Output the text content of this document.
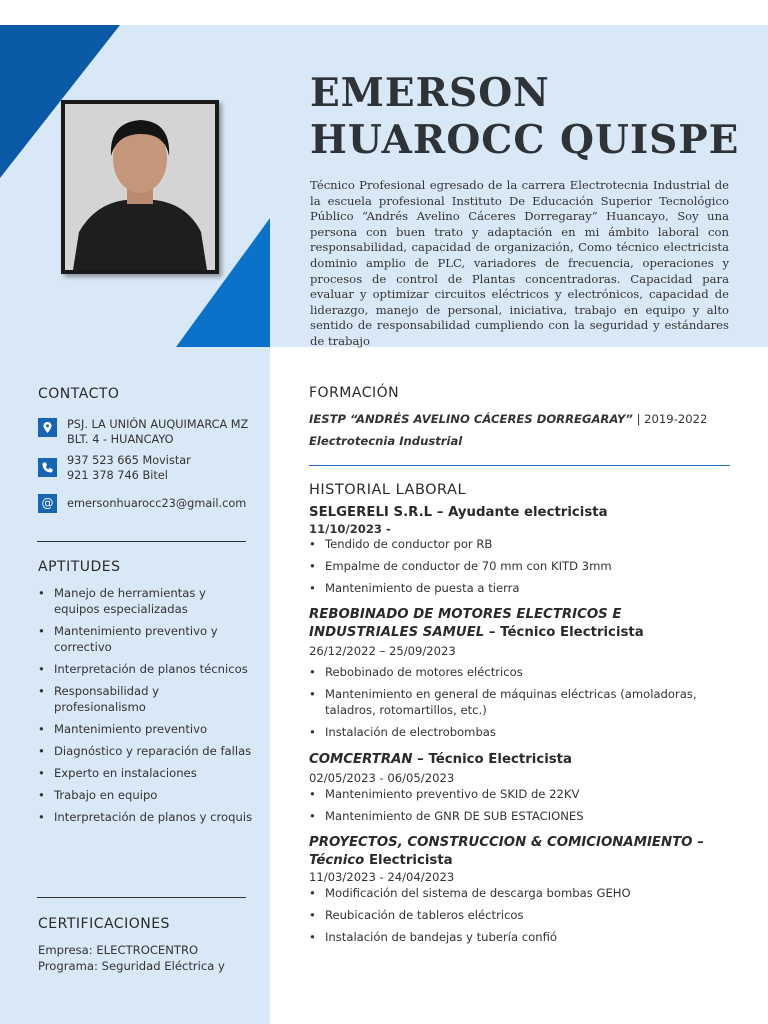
EMERSON
HUAROCC QUISPE
Técnico Profesional egresado de la carrera Electrotecnia Industrial de la escuela profesional Instituto De Educación Superior Tecnológico Público “Andrés Avelino Cáceres Dorregaray” Huancayo, Soy una persona con buen trato y adaptación en mi ámbito laboral con responsabilidad, capacidad de organización, Como técnico electricista dominio amplio de PLC, variadores de frecuencia, operaciones y procesos de control de Plantas concentradoras. Capacidad para evaluar y optimizar circuitos eléctricos y electrónicos, capacidad de liderazgo, manejo de personal, iniciativa, trabajo en equipo y alto sentido de responsabilidad cumpliendo con la seguridad y estándares de trabajo
CONTACTO
PSJ. LA UNIÓN AUQUIMARCA MZ BLT. 4 - HUANCAYO
937 523 665 Movistar
921 378 746 Bitel
@	emersonhuarocc23@gmail.com
APTITUDES
• Manejo de herramientas y equipos especializadas
• Mantenimiento preventivo y correctivo
• Interpretación de planos técnicos
• Responsabilidad y profesionalismo
• Mantenimiento preventivo
• Diagnóstico y reparación de fallas
• Experto en instalaciones
• Trabajo en equipo
• Interpretación de planos y croquis
CERTIFICACIONES
Empresa: ELECTROCENTRO
Programa: Seguridad Eléctrica y
FORMACIÓN
IESTP “ANDRÉS AVELINO CÁCERES DORREGARAY” | 2019-2022
Electrotecnia Industrial
HISTORIAL LABORAL
SELGERELI S.R.L – Ayudante electricista
11/10/2023 -
• Tendido de conductor por RB
• Empalme de conductor de 70 mm con KITD 3mm
• Mantenimiento de puesta a tierra
REBOBINADO DE MOTORES ELECTRICOS E INDUSTRIALES SAMUEL – Técnico Electricista
26/12/2022 – 25/09/2023
• Rebobinado de motores eléctricos
• Mantenimiento en general de máquinas eléctricas (amoladoras, taladros, rotomartillos, etc.)
• Instalación de electrobombas
COMCERTRAN – Técnico Electricista
02/05/2023 - 06/05/2023
• Mantenimiento preventivo de SKID de 22KV
• Mantenimiento de GNR DE SUB ESTACIONES
PROYECTOS, CONSTRUCCION & COMICIONAMIENTO –
Técnico Electricista
11/03/2023 - 24/04/2023
• Modificación del sistema de descarga bombas GEHO
• Reubicación de tableros eléctricos
• Instalación de bandejas y tubería confió
